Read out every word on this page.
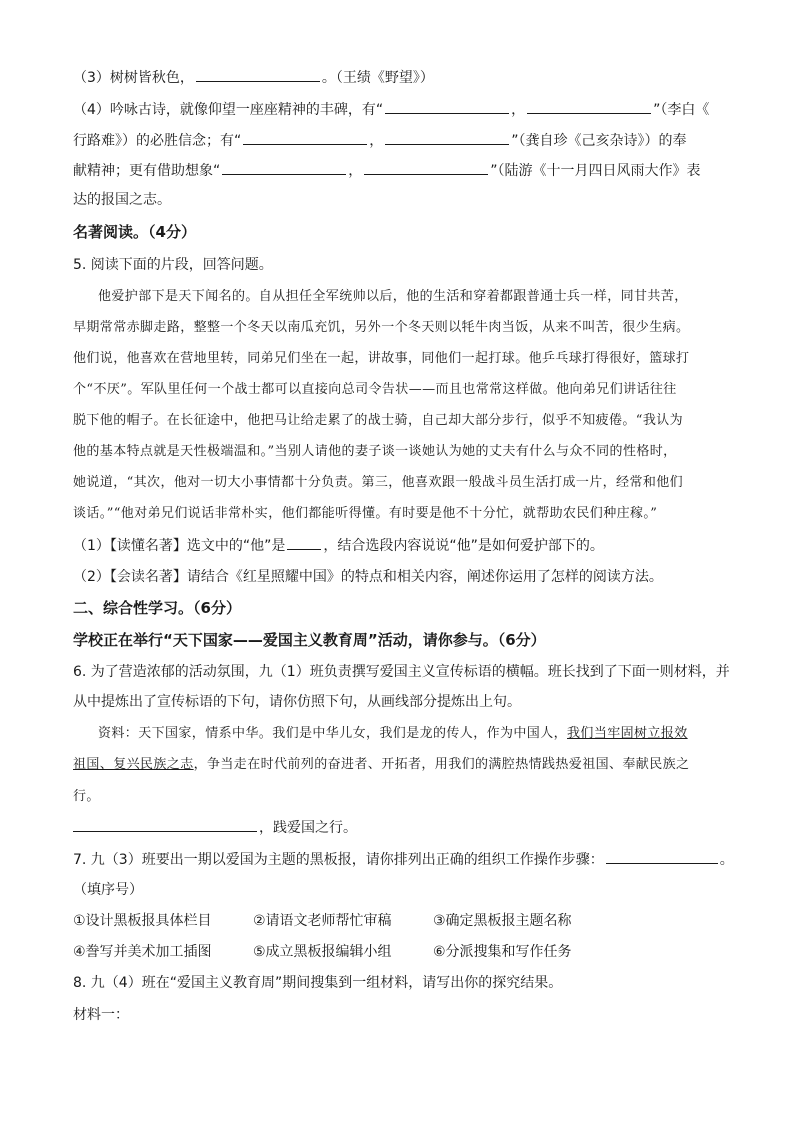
（3）树树皆秋色，	。（王绩《野望》）
（4）吟咏古诗，就像仰望一座座精神的丰碑，有“	，	”（李白《
行路难》）的必胜信念；有“	，	”（龚自珍《己亥杂诗》）的奉
献精神；更有借助想象“	，	”（陆游《十一月四日风雨大作》表
达的报国之志。
名著阅读。（4分）
5. 阅读下面的片段，回答问题。
他爱护部下是天下闻名的。自从担任全军统帅以后，他的生活和穿着都跟普通士兵一样，同甘共苦，
早期常常赤脚走路，整整一个冬天以南瓜充饥，另外一个冬天则以牦牛肉当饭，从来不叫苦，很少生病。
他们说，他喜欢在营地里转，同弟兄们坐在一起，讲故事，同他们一起打球。他乒乓球打得很好，篮球打
个“不厌”。军队里任何一个战士都可以直接向总司令告状——而且也常常这样做。他向弟兄们讲话往往
脱下他的帽子。在长征途中，他把马让给走累了的战士骑，自己却大部分步行，似乎不知疲倦。“我认为
他的基本特点就是天性极端温和。”当别人请他的妻子谈一谈她认为她的丈夫有什么与众不同的性格时，
她说道，“其次，他对一切大小事情都十分负责。第三，他喜欢跟一般战斗员生活打成一片，经常和他们
谈话。”“他对弟兄们说话非常朴实，他们都能听得懂。有时要是他不十分忙，就帮助农民们种庄稼。”
（1）【读懂名著】选文中的“他”是	，结合选段内容说说“他”是如何爱护部下的。
（2）【会读名著】请结合《红星照耀中国》的特点和相关内容，阐述你运用了怎样的阅读方法。
二、综合性学习。（6分）
学校正在举行“天下国家——爱国主义教育周”活动，请你参与。（6分）
6. 为了营造浓郁的活动氛围，九（1）班负责撰写爱国主义宣传标语的横幅。班长找到了下面一则材料，并
从中提炼出了宣传标语的下句，请你仿照下句，从画线部分提炼出上句。
资料：天下国家，情系中华。我们是中华儿女，我们是龙的传人，作为中国人，我们当牢固树立报效
祖国、复兴民族之志，争当走在时代前列的奋进者、开拓者，用我们的满腔热情践热爱祖国、奉献民族之
行。
，践爱国之行。
7. 九（3）班要出一期以爱国为主题的黑板报，请你排列出正确的组织工作操作步骤：	。
（填序号）
①设计黑板报具体栏目	②请语文老师帮忙审稿	③确定黑板报主题名称
④誊写并美术加工插图	⑤成立黑板报编辑小组	⑥分派搜集和写作任务
8. 九（4）班在“爱国主义教育周”期间搜集到一组材料，请写出你的探究结果。
材料一：
